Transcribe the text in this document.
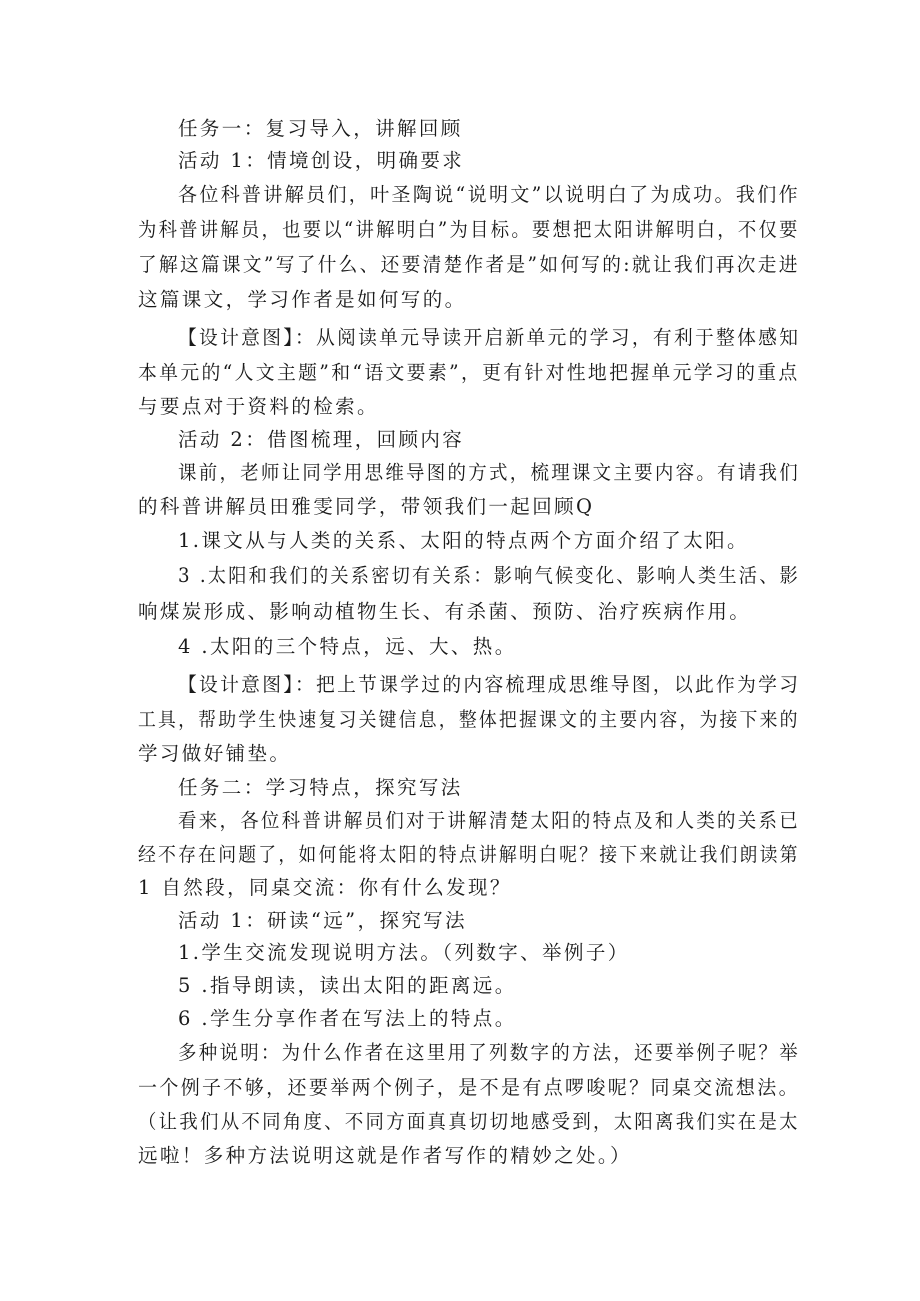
任务一：复习导入，讲解回顾
活动 1：情境创设，明确要求
各位科普讲解员们，叶圣陶说“说明文”以说明白了为成功。我们作
为科普讲解员，也要以“讲解明白”为目标。要想把太阳讲解明白，不仅要
了解这篇课文”写了什么、还要清楚作者是”如何写的:就让我们再次走进
这篇课文，学习作者是如何写的。
【设计意图】：从阅读单元导读开启新单元的学习，有利于整体感知
本单元的“人文主题”和“语文要素”，更有针对性地把握单元学习的重点
与要点对于资料的检索。
活动 2：借图梳理，回顾内容
课前，老师让同学用思维导图的方式，梳理课文主要内容。有请我们
的科普讲解员田雅雯同学，带领我们一起回顾Q
1.课文从与人类的关系、太阳的特点两个方面介绍了太阳。
3 .太阳和我们的关系密切有关系：影响气候变化、影响人类生活、影
响煤炭形成、影响动植物生长、有杀菌、预防、治疗疾病作用。
4 .太阳的三个特点，远、大、热。
【设计意图】：把上节课学过的内容梳理成思维导图，以此作为学习
工具，帮助学生快速复习关键信息，整体把握课文的主要内容，为接下来的
学习做好铺垫。
任务二：学习特点，探究写法
看来，各位科普讲解员们对于讲解清楚太阳的特点及和人类的关系已
经不存在问题了，如何能将太阳的特点讲解明白呢？接下来就让我们朗读第
1 自然段，同桌交流：你有什么发现？
活动 1：研读“远”，探究写法
1.学生交流发现说明方法。（列数字、举例子）
5 .指导朗读，读出太阳的距离远。
6 .学生分享作者在写法上的特点。
多种说明：为什么作者在这里用了列数字的方法，还要举例子呢？举
一个例子不够，还要举两个例子，是不是有点啰唆呢？同桌交流想法。
（让我们从不同角度、不同方面真真切切地感受到，太阳离我们实在是太
远啦！多种方法说明这就是作者写作的精妙之处。）
